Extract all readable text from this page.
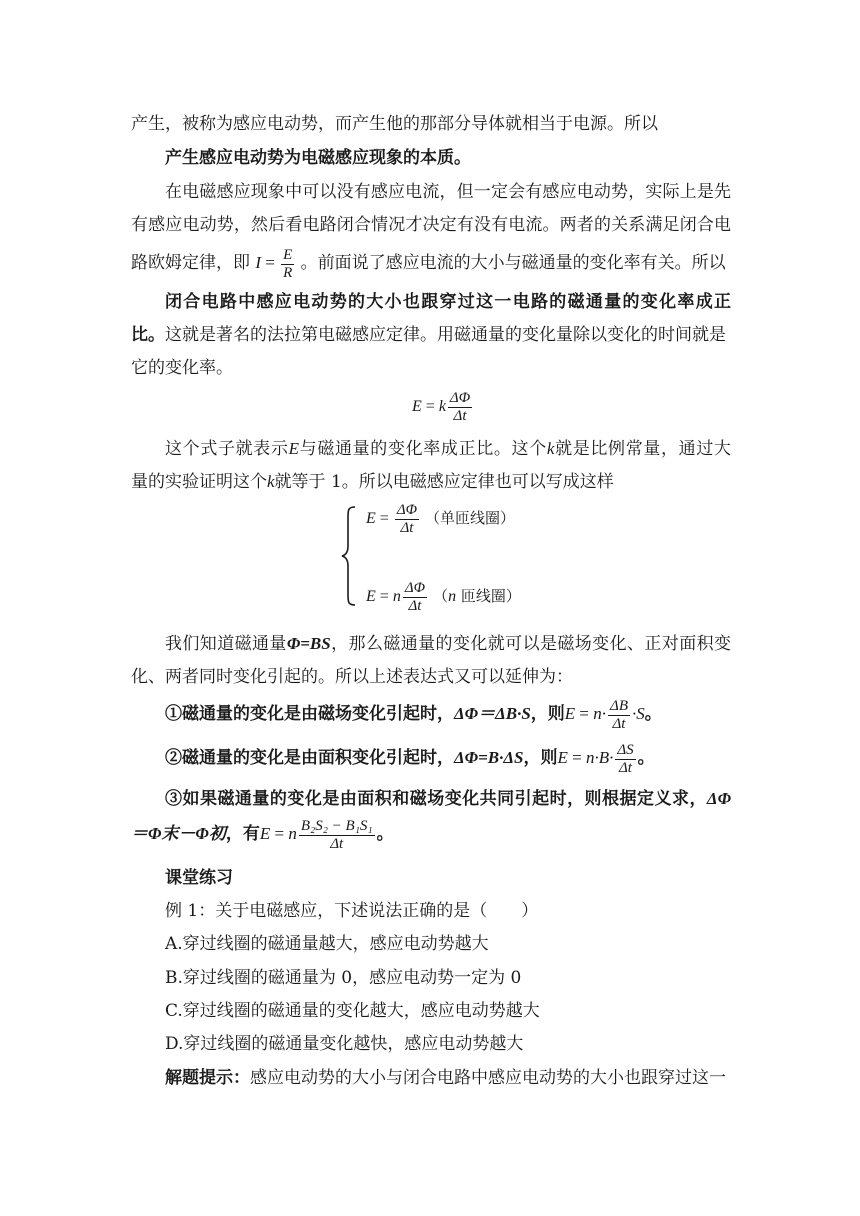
产生，被称为感应电动势，而产生他的那部分导体就相当于电源。所以
产生感应电动势为电磁感应现象的本质。
在电磁感应现象中可以没有感应电流，但一定会有感应电动势，实际上是先
有感应电动势，然后看电路闭合情况才决定有没有电流。两者的关系满足闭合电
路欧姆定律，即 $I = \frac{E}{R}$ 。前面说了感应电流的大小与磁通量的变化率有关。所以
闭合电路中感应电动势的大小也跟穿过这一电路的磁通量的变化率成正
比。这就是著名的法拉第电磁感应定律。用磁通量的变化量除以变化的时间就是
它的变化率。
E = k $\frac{\Delta\Phi}{\Delta t}$
这个式子就表示E与磁通量的变化率成正比。这个k就是比例常量，通过大
量的实验证明这个k就等于 1。所以电磁感应定律也可以写成这样
$E = \frac{\Delta\Phi}{\Delta t}$ （单匝线圈）
E = n $\frac{\Delta\Phi}{\Delta t} (n$ 匝线圈）
我们知道磁通量Φ=BS，那么磁通量的变化就可以是磁场变化、正对面积变
化、两者同时变化引起的。所以上述表达式又可以延伸为：
①磁通量的变化是由磁场变化引起时，ΔΦ＝ΔB·S，则$E = n\cdot \frac{\Delta B}{\Delta t} \cdot S$。
②磁通量的变化是由面积变化引起时，ΔΦ=B·ΔS，则$E = n\cdot B\cdot \frac{\Delta S}{\Delta t}$ 。
③如果磁通量的变化是由面积和磁场变化共同引起时，则根据定义求，ΔΦ
＝Φ末－Φ初，有E = n $\frac{\text{B₂S₂ − B₁S₁}}{\Delta t}$ 。
课堂练习
例 1：关于电磁感应，下述说法正确的是（　　）
A.穿过线圈的磁通量越大，感应电动势越大
B.穿过线圈的磁通量为 0，感应电动势一定为 0
C.穿过线圈的磁通量的变化越大，感应电动势越大
D.穿过线圈的磁通量变化越快，感应电动势越大
解题提示：感应电动势的大小与闭合电路中感应电动势的大小也跟穿过这一
